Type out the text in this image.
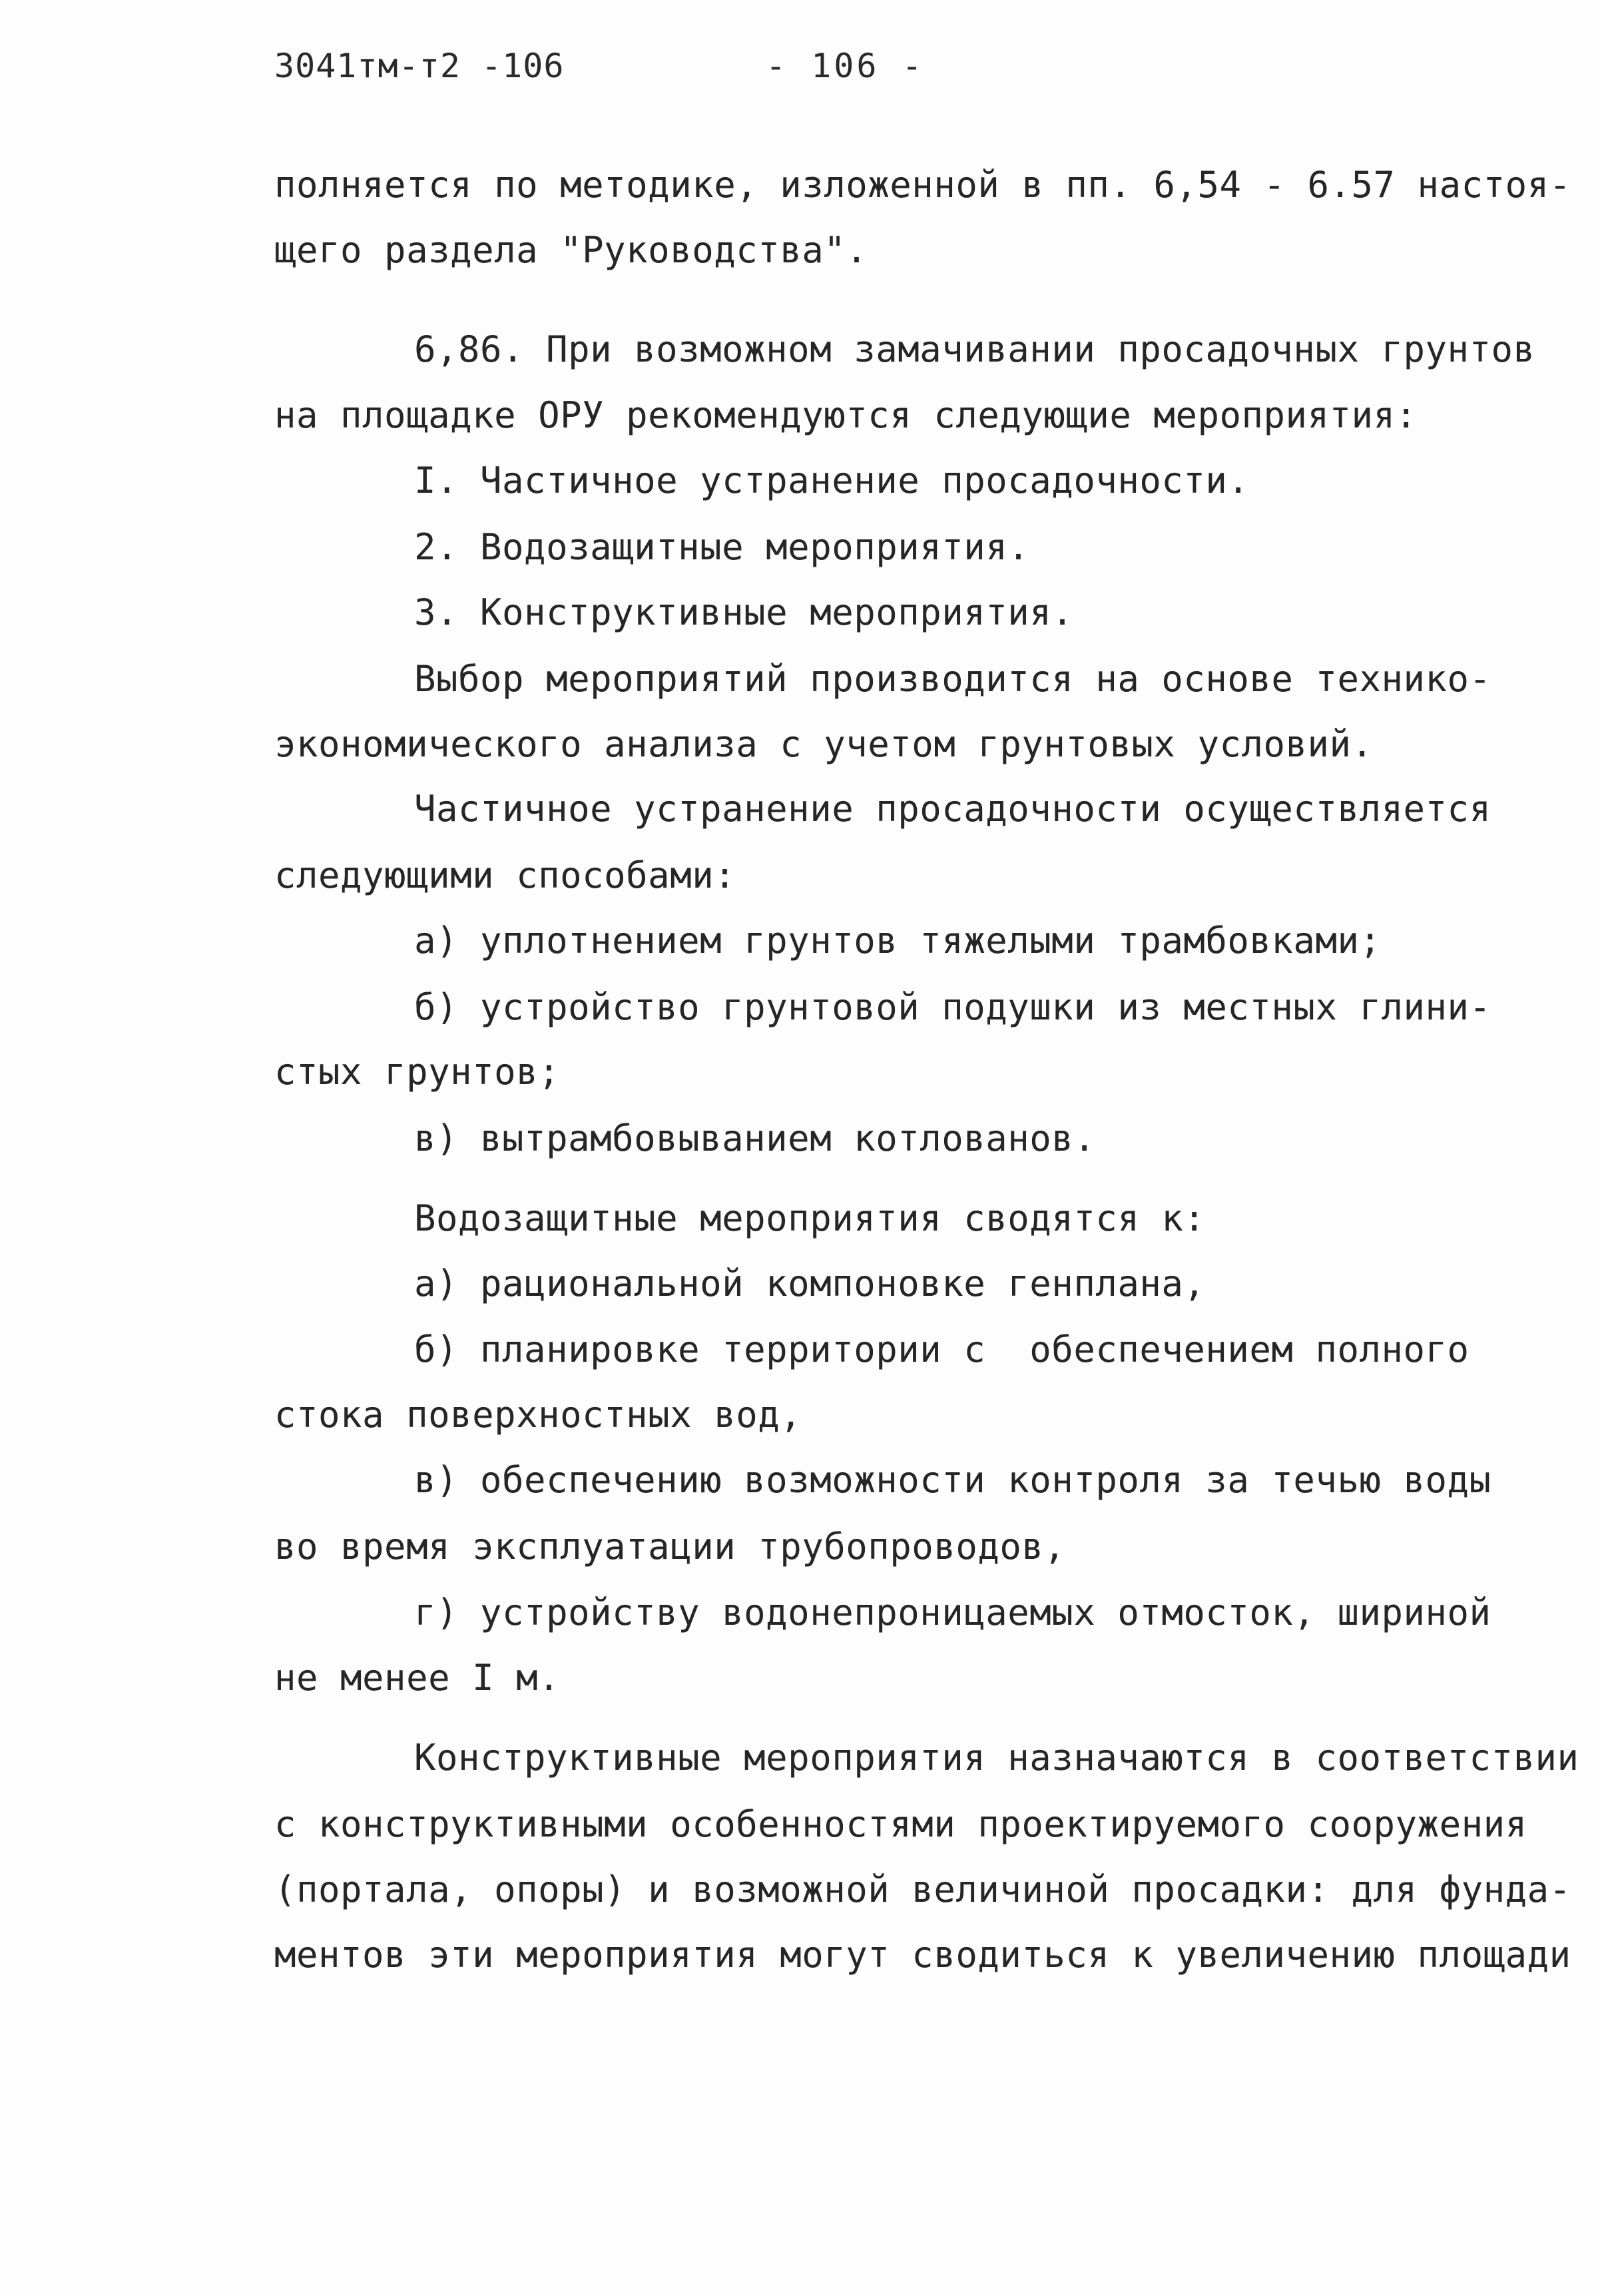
3041тм-т2 -106	- 106 -
полняется по методике, изложенной в пп. 6,54 - 6.57 настоя-
щего раздела "Руководства".
6,86. При возможном замачивании просадочных грунтов
на площадке ОРУ рекомендуются следующие мероприятия:
I. Частичное устранение просадочности.
2. Водозащитные мероприятия.
3. Конструктивные мероприятия.
Выбор мероприятий производится на основе технико-
экономического анализа с учетом грунтовых условий.
Частичное устранение просадочности осуществляется
следующими способами:
а) уплотнением грунтов тяжелыми трамбовками;
б) устройство грунтовой подушки из местных глини-
стых грунтов;
в) вытрамбовыванием котлованов.
Водозащитные мероприятия сводятся к:
а) рациональной компоновке генплана,
б) планировке территории с  обеспечением полного
стока поверхностных вод,
в) обеспечению возможности контроля за течью воды
во время эксплуатации трубопроводов,
г) устройству водонепроницаемых отмосток, шириной
не менее I м.
Конструктивные мероприятия назначаются в соответствии
с конструктивными особенностями проектируемого сооружения
(портала, опоры) и возможной величиной просадки: для фунда-
ментов эти мероприятия могут сводиться к увеличению площади
